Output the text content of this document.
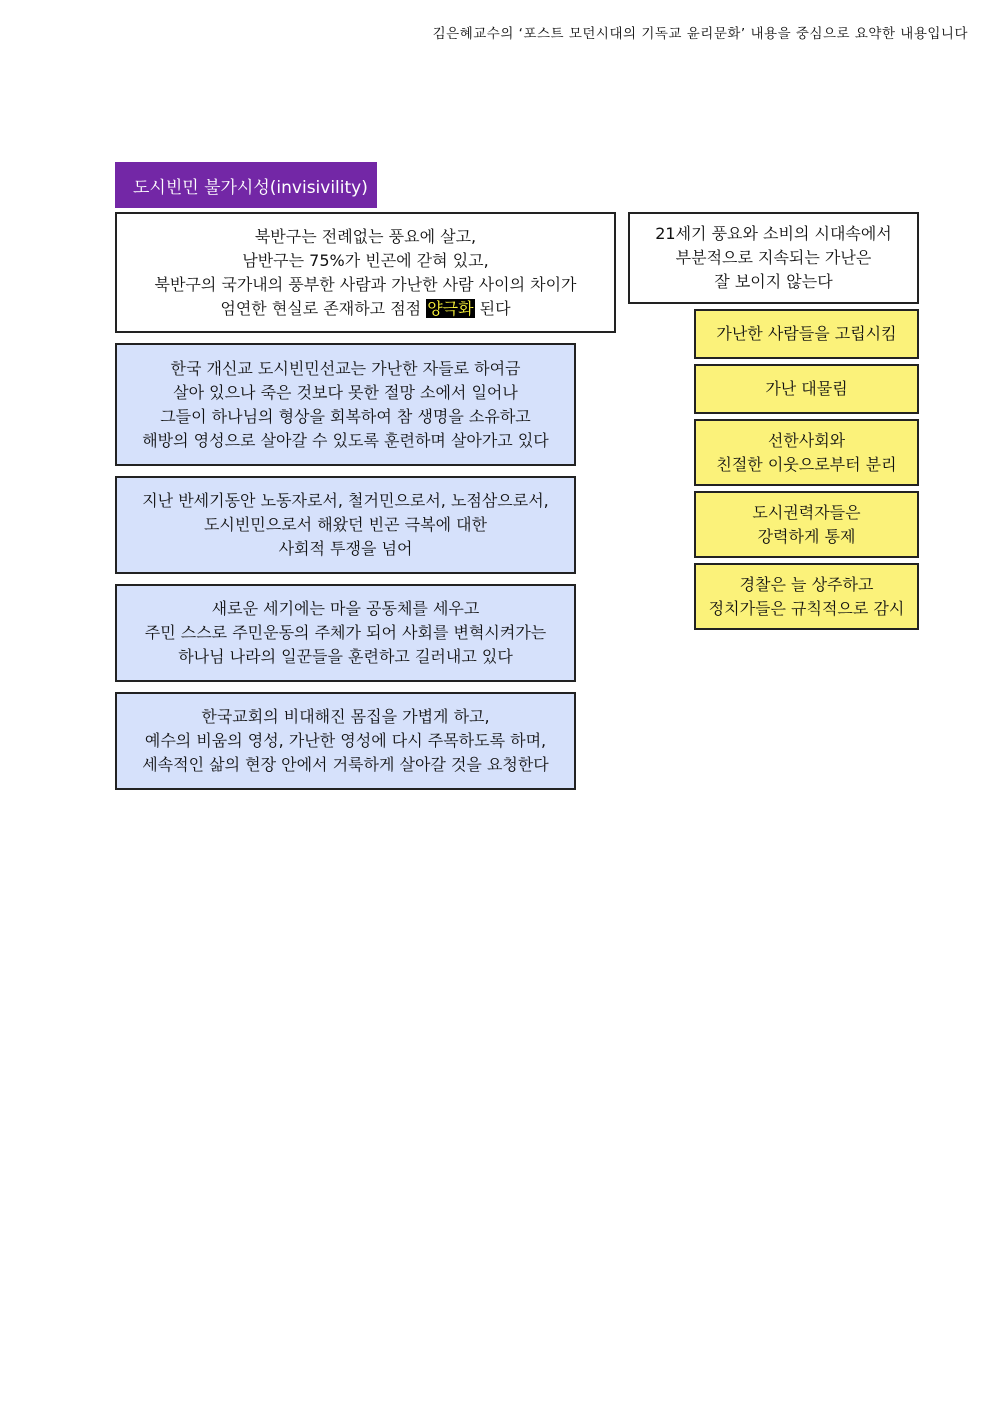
김은혜교수의 ‘포스트 모던시대의 기독교 윤리문화’ 내용을 중심으로 요약한 내용입니다
도시빈민 불가시성(invisivility)
북반구는 전례없는 풍요에 살고,
남반구는 75%가 빈곤에 갇혀 있고,
북반구의 국가내의 풍부한 사람과 가난한 사람 사이의 차이가
엄연한 현실로 존재하고 점점 양극화 된다
한국 개신교 도시빈민선교는 가난한 자들로 하여금
살아 있으나 죽은 것보다 못한 절망 소에서 일어나
그들이 하나님의 형상을 회복하여 참 생명을 소유하고
해방의 영성으로 살아갈 수 있도록 훈련하며 살아가고 있다
지난 반세기동안 노동자로서, 철거민으로서, 노점삼으로서,
도시빈민으로서 해왔던 빈곤 극복에 대한
사회적 투쟁을 넘어
새로운 세기에는 마을 공동체를 세우고
주민 스스로 주민운동의 주체가 되어 사회를 변혁시켜가는
하나님 나라의 일꾼들을 훈련하고 길러내고 있다
한국교회의 비대해진 몸집을 가볍게 하고,
예수의 비움의 영성, 가난한 영성에 다시 주목하도록 하며,
세속적인 삶의 현장 안에서 거룩하게 살아갈 것을 요청한다
21세기 풍요와 소비의 시대속에서
부분적으로 지속되는 가난은
잘 보이지 않는다
가난한 사람들을 고립시킴
가난 대물림
선한사회와
친절한 이웃으로부터 분리
도시권력자들은
강력하게 통제
경찰은 늘 상주하고
정치가들은 규칙적으로 감시
